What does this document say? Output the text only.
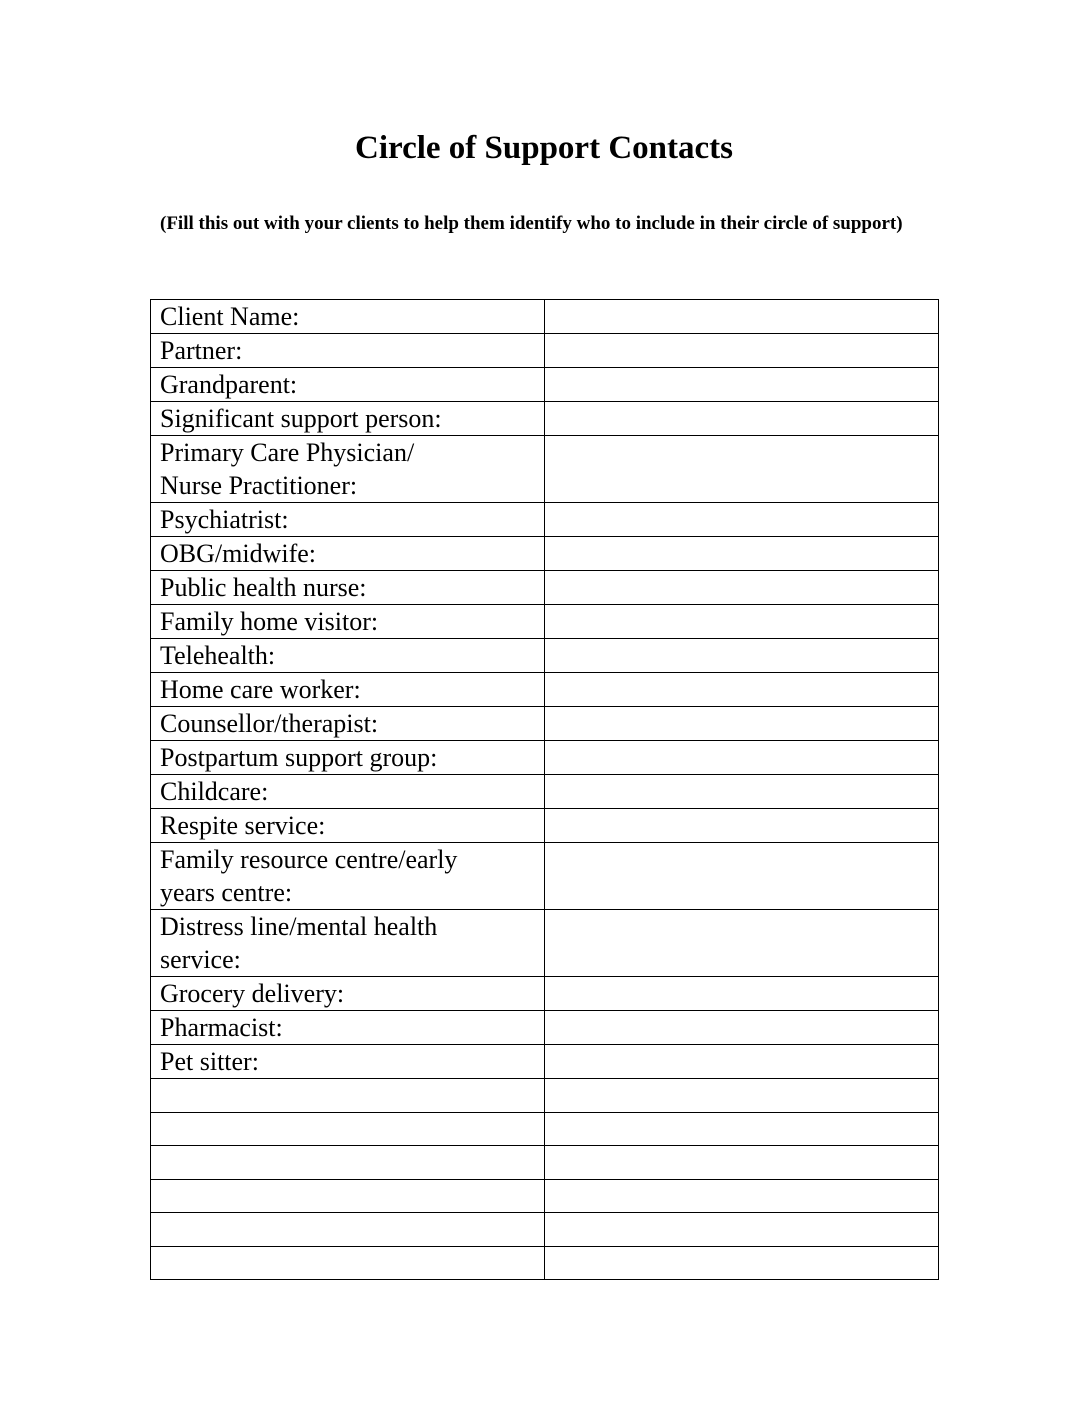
Circle of Support Contacts

(Fill this out with your clients to help them identify who to include in their circle of support)

Client Name:	
Partner:	
Grandparent:	
Significant support person:	
Primary Care Physician/
Nurse Practitioner:	
Psychiatrist:	
OBG/midwife:	
Public health nurse:	
Family home visitor:	
Telehealth:	
Home care worker:	
Counsellor/therapist:	
Postpartum support group:	
Childcare:	
Respite service:	
Family resource centre/early
years centre:	
Distress line/mental health
service:	
Grocery delivery:	
Pharmacist:	
Pet sitter:	
